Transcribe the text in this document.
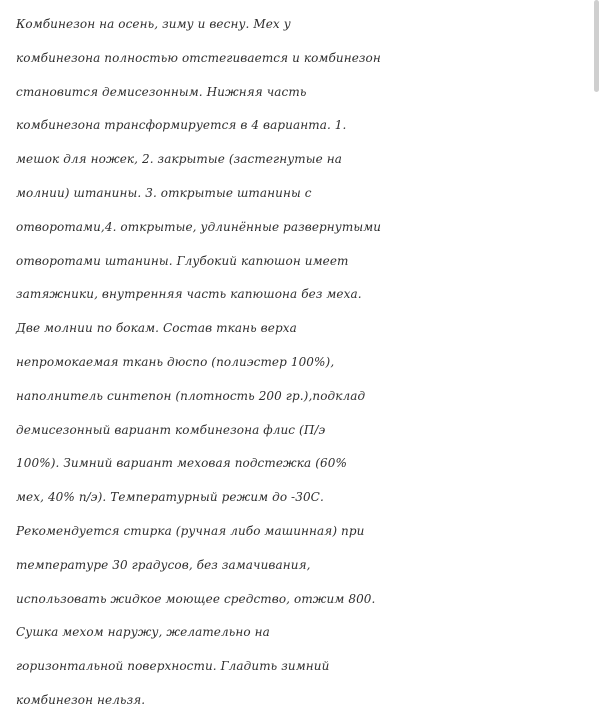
Комбинезон на осень, зиму и весну. Мех у
комбинезона полностью отстегивается и комбинезон
становится демисезонным. Нижняя часть
комбинезона трансформируется в 4 варианта. 1.
мешок для ножек, 2. закрытые (застегнутые на
молнии) штанины. 3. открытые штанины с
отворотами,4. открытые, удлинённые развернутыми
отворотами штанины. Глубокий капюшон имеет
затяжники, внутренняя часть капюшона без меха.
Две молнии по бокам. Состав ткань верха
непромокаемая ткань дюспо (полиэстер 100%),
наполнитель синтепон (плотность 200 гр.),подклад
демисезонный вариант комбинезона флис (П/э
100%). Зимний вариант меховая подстежка (60%
мех, 40% п/э). Температурный режим до -30С.
Рекомендуется стирка (ручная либо машинная) при
температуре 30 градусов, без замачивания,
использовать жидкое моющее средство, отжим 800.
Сушка мехом наружу, желательно на
горизонтальной поверхности. Гладить зимний
комбинезон нельзя.
